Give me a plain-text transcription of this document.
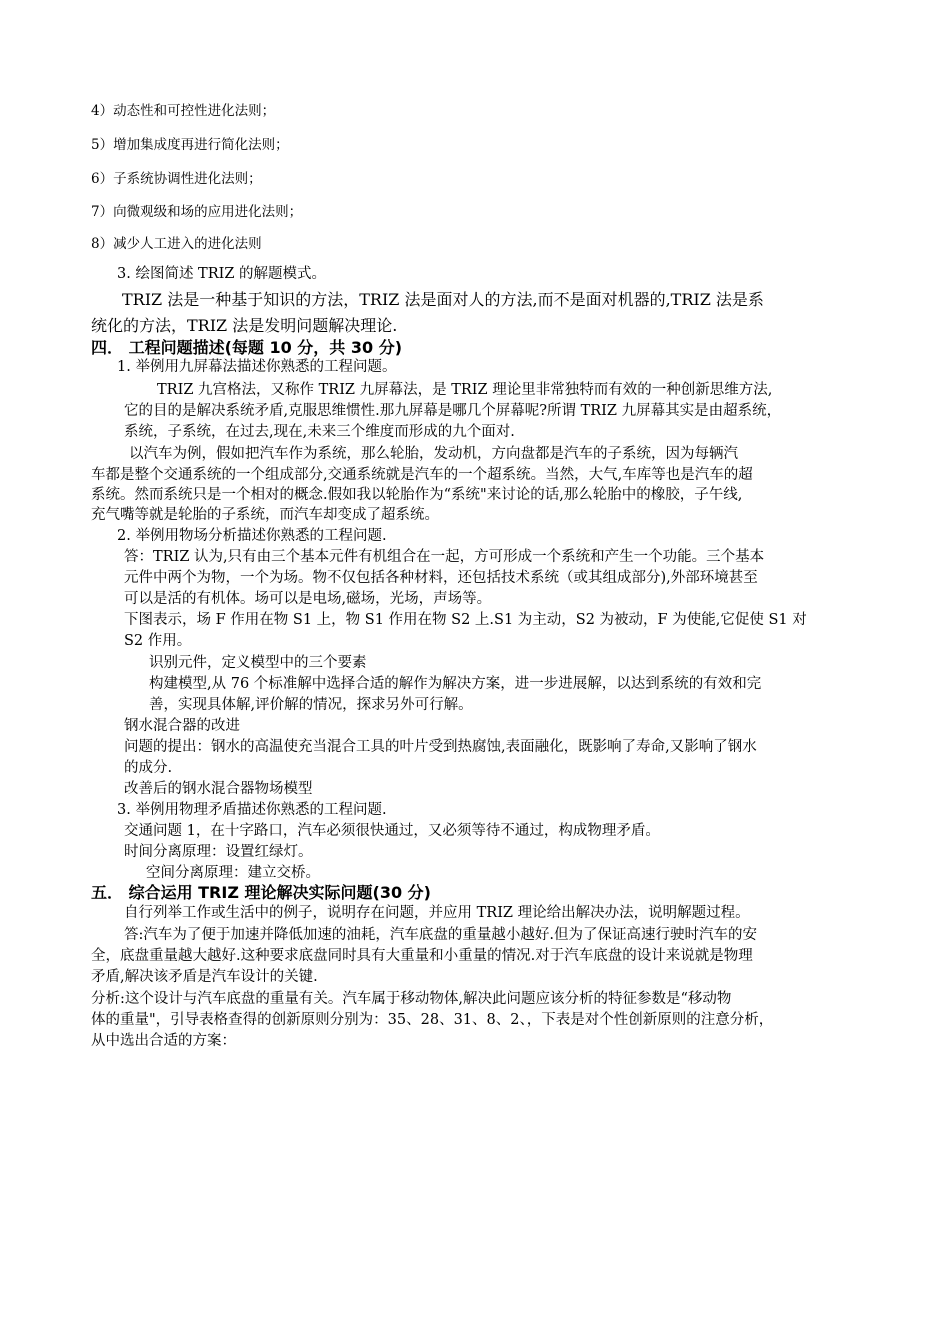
4）动态性和可控性进化法则；
5）增加集成度再进行简化法则；
6）子系统协调性进化法则；
7）向微观级和场的应用进化法则；
8）减少人工进入的进化法则
3. 绘图简述 TRIZ 的解题模式。
TRIZ 法是一种基于知识的方法，TRIZ 法是面对人的方法,而不是面对机器的,TRIZ 法是系
统化的方法，TRIZ 法是发明问题解决理论.
四． 工程问题描述(每题 10 分，共 30 分)
1. 举例用九屏幕法描述你熟悉的工程问题。
TRIZ 九宫格法，又称作 TRIZ 九屏幕法，是 TRIZ 理论里非常独特而有效的一种创新思维方法,
它的目的是解决系统矛盾,克服思维惯性.那九屏幕是哪几个屏幕呢?所谓 TRIZ 九屏幕其实是由超系统，
系统，子系统，在过去,现在,未来三个维度而形成的九个面对.
以汽车为例，假如把汽车作为系统，那么轮胎，发动机，方向盘都是汽车的子系统，因为每辆汽
车都是整个交通系统的一个组成部分,交通系统就是汽车的一个超系统。当然，大气,车库等也是汽车的超
系统。然而系统只是一个相对的概念.假如我以轮胎作为“系统"来讨论的话,那么轮胎中的橡胶，子午线,
充气嘴等就是轮胎的子系统，而汽车却变成了超系统。
2. 举例用物场分析描述你熟悉的工程问题.
答：TRIZ 认为,只有由三个基本元件有机组合在一起，方可形成一个系统和产生一个功能。三个基本
元件中两个为物，一个为场。物不仅包括各种材料，还包括技术系统（或其组成部分),外部环境甚至
可以是活的有机体。场可以是电场,磁场，光场，声场等。
下图表示，场 F 作用在物 S1 上，物 S1 作用在物 S2 上.S1 为主动，S2 为被动，F 为使能,它促使 S1 对
S2 作用。
识别元件，定义模型中的三个要素
构建模型,从 76 个标准解中选择合适的解作为解决方案，进一步进展解，以达到系统的有效和完
善，实现具体解,评价解的情况，探求另外可行解。
钢水混合器的改进
问题的提出：钢水的高温使充当混合工具的叶片受到热腐蚀,表面融化，既影响了寿命,又影响了钢水
的成分.
改善后的钢水混合器物场模型
3. 举例用物理矛盾描述你熟悉的工程问题.
交通问题 1，在十字路口，汽车必须很快通过，又必须等待不通过，构成物理矛盾。
时间分离原理：设置红绿灯。
空间分离原理：建立交桥。
五． 综合运用 TRIZ 理论解决实际问题(30 分)
自行列举工作或生活中的例子，说明存在问题，并应用 TRIZ 理论给出解决办法，说明解题过程。
答:汽车为了便于加速并降低加速的油耗，汽车底盘的重量越小越好.但为了保证高速行驶时汽车的安
全，底盘重量越大越好.这种要求底盘同时具有大重量和小重量的情况.对于汽车底盘的设计来说就是物理
矛盾,解决该矛盾是汽车设计的关键.
分析:这个设计与汽车底盘的重量有关。汽车属于移动物体,解决此问题应该分析的特征参数是“移动物
体的重量"，引导表格查得的创新原则分别为：35、28、31、8、2、，下表是对个性创新原则的注意分析，
从中选出合适的方案：
